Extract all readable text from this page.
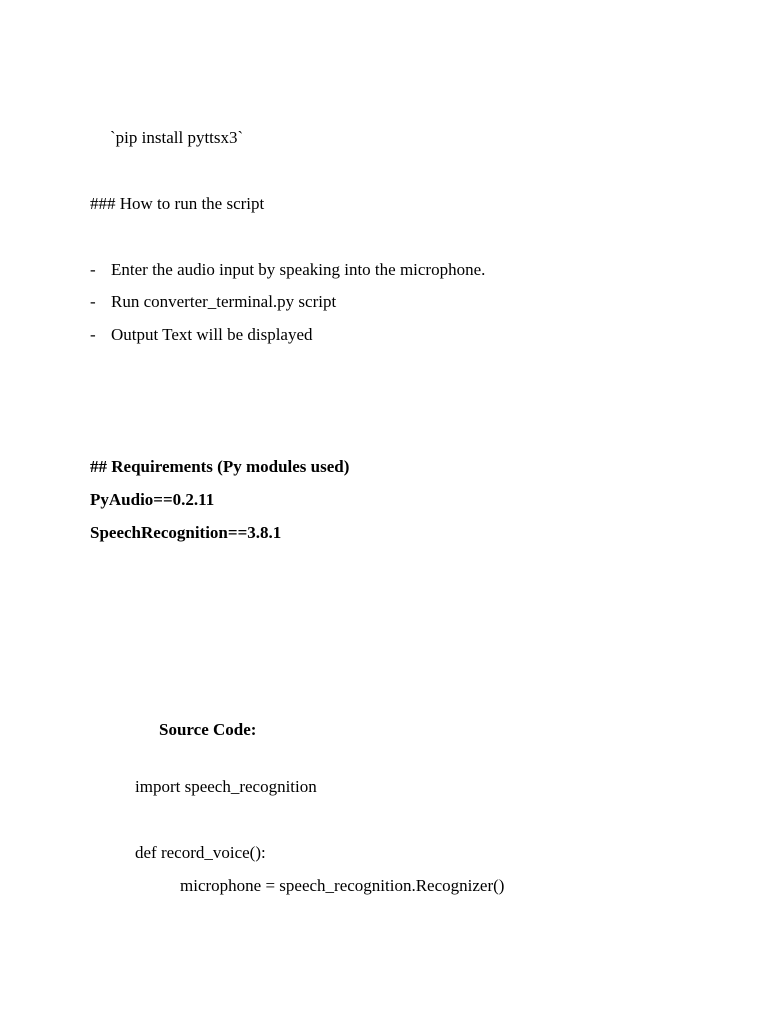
`pip install pyttsx3`
### How to run the script
- Enter the audio input by speaking into the microphone.
- Run converter_terminal.py script
- Output Text will be displayed
## Requirements (Py modules used)
PyAudio==0.2.11
SpeechRecognition==3.8.1
Source Code:
import speech_recognition
def record_voice():
microphone = speech_recognition.Recognizer()
